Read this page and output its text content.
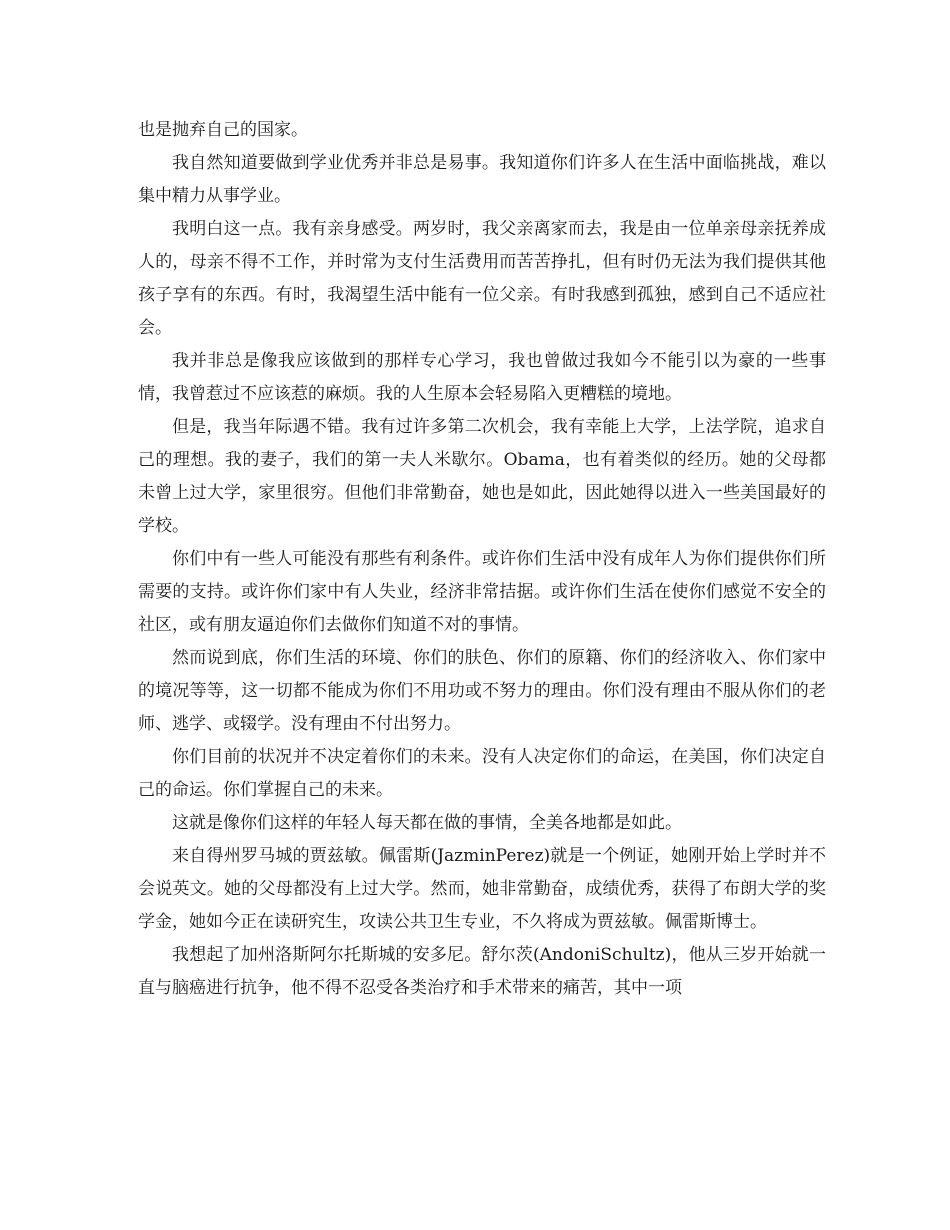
也是抛弃自己的国家。

我自然知道要做到学业优秀并非总是易事。我知道你们许多人在生活中面临挑战，难以集中精力从事学业。

我明白这一点。我有亲身感受。两岁时，我父亲离家而去，我是由一位单亲母亲抚养成人的，母亲不得不工作，并时常为支付生活费用而苦苦挣扎，但有时仍无法为我们提供其他孩子享有的东西。有时，我渴望生活中能有一位父亲。有时我感到孤独，感到自己不适应社会。

我并非总是像我应该做到的那样专心学习，我也曾做过我如今不能引以为豪的一些事情，我曾惹过不应该惹的麻烦。我的人生原本会轻易陷入更糟糕的境地。

但是，我当年际遇不错。我有过许多第二次机会，我有幸能上大学，上法学院，追求自己的理想。我的妻子，我们的第一夫人米歇尔。Obama，也有着类似的经历。她的父母都未曾上过大学，家里很穷。但他们非常勤奋，她也是如此，因此她得以进入一些美国最好的学校。

你们中有一些人可能没有那些有利条件。或许你们生活中没有成年人为你们提供你们所需要的支持。或许你们家中有人失业，经济非常拮据。或许你们生活在使你们感觉不安全的社区，或有朋友逼迫你们去做你们知道不对的事情。

然而说到底，你们生活的环境、你们的肤色、你们的原籍、你们的经济收入、你们家中的境况等等，这一切都不能成为你们不用功或不努力的理由。你们没有理由不服从你们的老师、逃学、或辍学。没有理由不付出努力。

你们目前的状况并不决定着你们的未来。没有人决定你们的命运，在美国，你们决定自己的命运。你们掌握自己的未来。

这就是像你们这样的年轻人每天都在做的事情，全美各地都是如此。

来自得州罗马城的贾兹敏。佩雷斯(JazminPerez)就是一个例证，她刚开始上学时并不会说英文。她的父母都没有上过大学。然而，她非常勤奋，成绩优秀，获得了布朗大学的奖学金，她如今正在读研究生，攻读公共卫生专业，不久将成为贾兹敏。佩雷斯博士。

我想起了加州洛斯阿尔托斯城的安多尼。舒尔茨(AndoniSchultz)，他从三岁开始就一直与脑癌进行抗争，他不得不忍受各类治疗和手术带来的痛苦，其中一项
